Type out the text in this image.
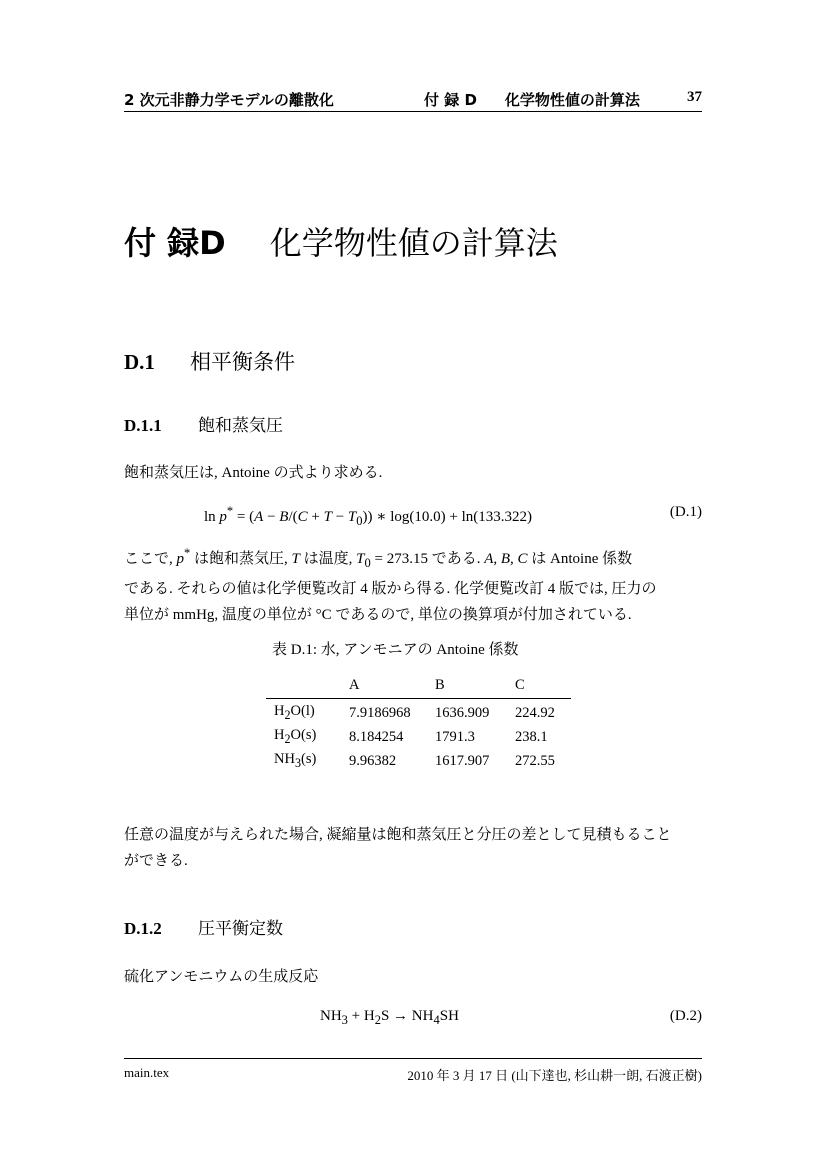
2 次元非静力学モデルの離散化	付 録 D 化学物性値の計算法	37
付 録D 化学物性値の計算法
D.1 相平衡条件
D.1.1 飽和蒸気圧
飽和蒸気圧は, Antoine の式より求める.
$\ln p^* = (A - B/(C + T - T_0))$ ∗ log(10.0) + ln(133.322)	(D.1)
ここで, p* は飽和蒸気圧, T は温度, $T_0 = 273.15$ である. A, B, C は Antoine 係数
である. それらの値は化学便覧改訂 4 版から得る. 化学便覧改訂 4 版では, 圧力の
単位が mmHg, 温度の単位が °C であるので, 単位の換算項が付加されている.
表 D.1: 水, アンモニアの Antoine 係数
	A	B	C
$H_2O(l)$	7.9186968	1636.909	224.92
$H_2O(s)$	8.184254	1791.3	238.1
$NH_3(s)$	9.96382	1617.907	272.55
任意の温度が与えられた場合, 凝縮量は飽和蒸気圧と分圧の差として見積もること
ができる.
D.1.2 圧平衡定数
硫化アンモニウムの生成反応
$NH_3 + H_2S \to NH_4SH$	(D.2)
main.tex	2010 年 3 月 17 日 (山下達也, 杉山耕一朗, 石渡正樹)
